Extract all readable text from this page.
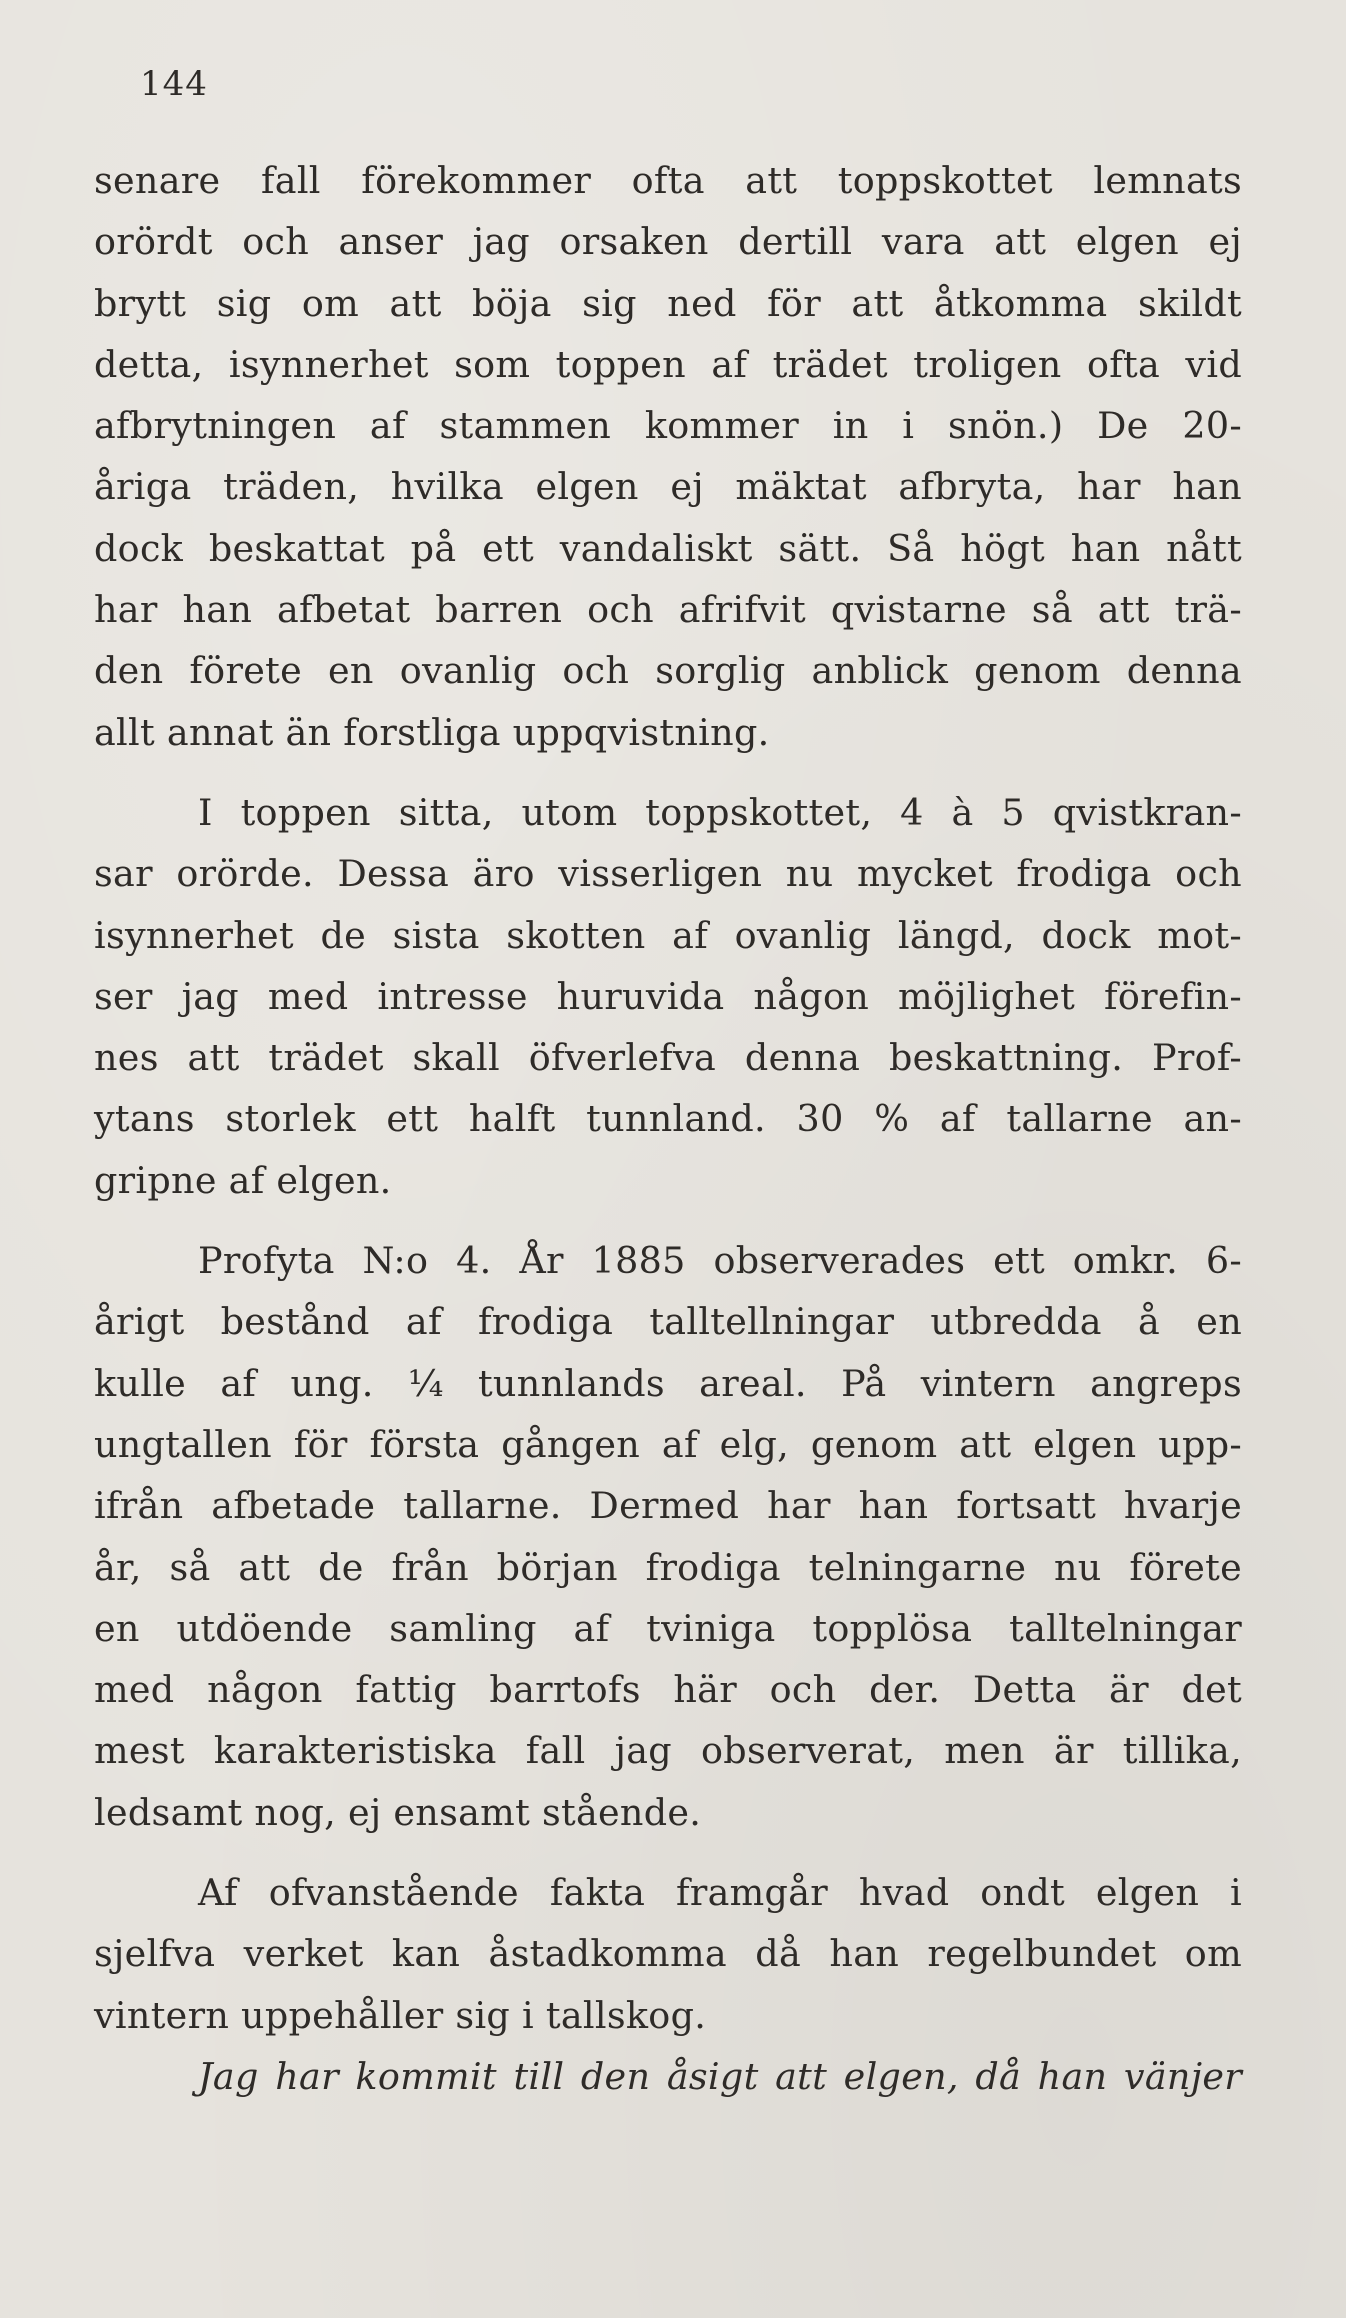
144
senare fall förekommer ofta att toppskottet lemnats
orördt och anser jag orsaken dertill vara att elgen ej
brytt sig om att böja sig ned för att åtkomma skildt
detta, isynnerhet som toppen af trädet troligen ofta vid
afbrytningen af stammen kommer in i snön.) De 20-
åriga träden, hvilka elgen ej mäktat afbryta, har han
dock beskattat på ett vandaliskt sätt. Så högt han nått
har han afbetat barren och afrifvit qvistarne så att trä-
den förete en ovanlig och sorglig anblick genom denna
allt annat än forstliga uppqvistning.
I toppen sitta, utom toppskottet, 4 à 5 qvistkran-
sar orörde. Dessa äro visserligen nu mycket frodiga och
isynnerhet de sista skotten af ovanlig längd, dock mot-
ser jag med intresse huruvida någon möjlighet förefin-
nes att trädet skall öfverlefva denna beskattning. Prof-
ytans storlek ett halft tunnland. 30 % af tallarne an-
gripne af elgen.
Profyta N:o 4. År 1885 observerades ett omkr. 6-
årigt bestånd af frodiga talltellningar utbredda å en
kulle af ung. ¼ tunnlands areal. På vintern angreps
ungtallen för första gången af elg, genom att elgen upp-
ifrån afbetade tallarne. Dermed har han fortsatt hvarje
år, så att de från början frodiga telningarne nu förete
en utdöende samling af tviniga topplösa talltelningar
med någon fattig barrtofs här och der. Detta är det
mest karakteristiska fall jag observerat, men är tillika,
ledsamt nog, ej ensamt stående.
Af ofvanstående fakta framgår hvad ondt elgen i
sjelfva verket kan åstadkomma då han regelbundet om
vintern uppehåller sig i tallskog.
Jag har kommit till den åsigt att elgen, då han vänjer
